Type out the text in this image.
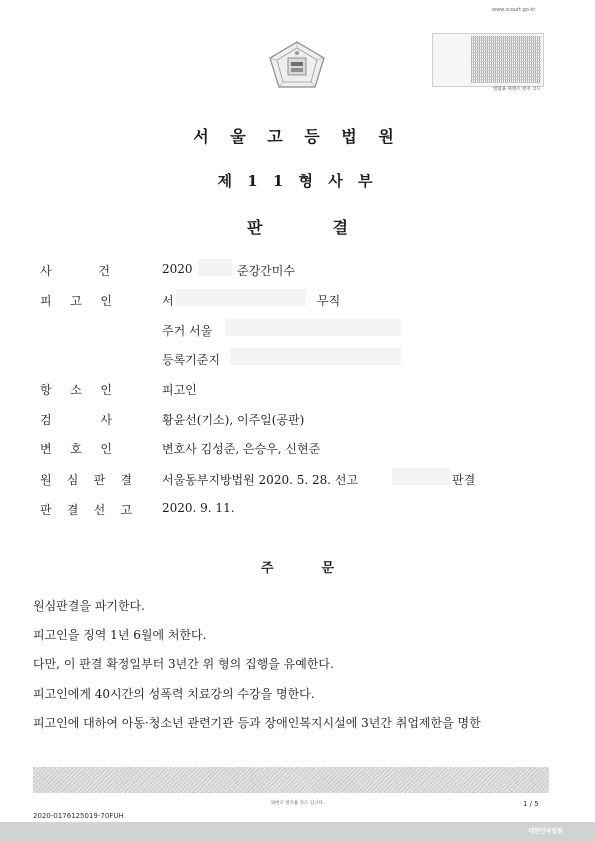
www.scourt.go.kr
열람용 위변조 방지 코드
서 울 고 등 법 원
제 1 1 형 사 부
판	결
사	건	2020	준강간미수
피 고 인	서	무직
주거 서울
등록기준지
항 소 인	피고인
검	사	황윤선(기소), 이주일(공판)
변 호 인	변호사 김성준, 은승우, 신현준
원 심 판 결	서울동부지방법원 2020. 5. 28. 선고	판결
판 결 선 고	2020. 9. 11.
주	문
원심판결을 파기한다.
피고인을 징역 1년 6월에 처한다.
다만, 이 판결 확정일부터 3년간 위 형의 집행을 유예한다.
피고인에게 40시간의 성폭력 치료강의 수강을 명한다.
피고인에 대하여 아동·청소년 관련기관 등과 장애인복지시설에 3년간 취업제한을 명한
위변조 방지용 코드 입니다.	1 / 5
2020-0176125019-70FUH
대한민국법원
